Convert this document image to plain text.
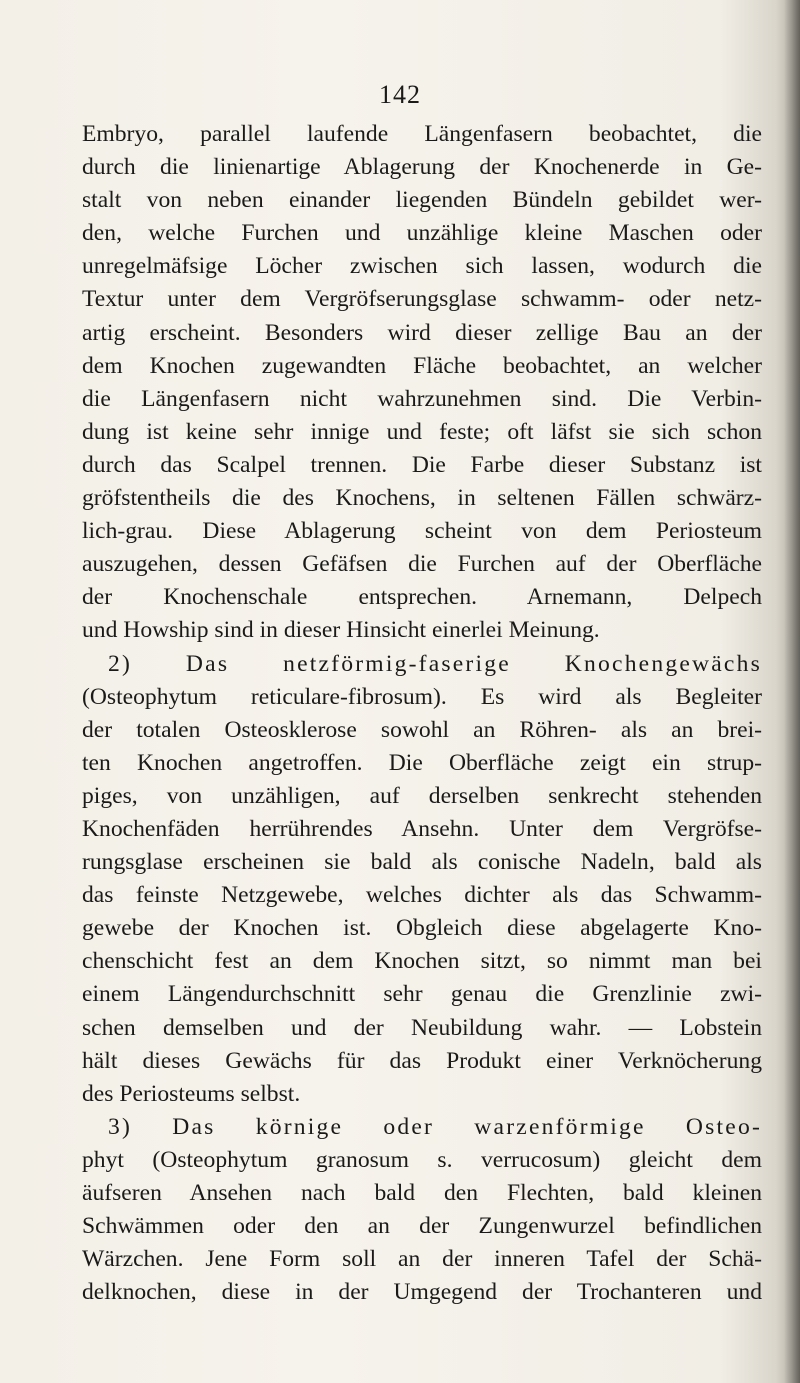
142
Embryo, parallel laufende Längenfasern beobachtet, die
durch die linienartige Ablagerung der Knochenerde in Ge-
stalt von neben einander liegenden Bündeln gebildet wer-
den, welche Furchen und unzählige kleine Maschen oder
unregelmäfsige Löcher zwischen sich lassen, wodurch die
Textur unter dem Vergröfserungsglase schwamm- oder netz-
artig erscheint. Besonders wird dieser zellige Bau an der
dem Knochen zugewandten Fläche beobachtet, an welcher
die Längenfasern nicht wahrzunehmen sind. Die Verbin-
dung ist keine sehr innige und feste; oft läfst sie sich schon
durch das Scalpel trennen. Die Farbe dieser Substanz ist
gröfstentheils die des Knochens, in seltenen Fällen schwärz-
lich-grau. Diese Ablagerung scheint von dem Periosteum
auszugehen, dessen Gefäfsen die Furchen auf der Oberfläche
der Knochenschale entsprechen. Arnemann, Delpech
und Howship sind in dieser Hinsicht einerlei Meinung.
2) Das netzförmig-faserige Knochengewächs
(Osteophytum reticulare-fibrosum). Es wird als Begleiter
der totalen Osteosklerose sowohl an Röhren- als an brei-
ten Knochen angetroffen. Die Oberfläche zeigt ein strup-
piges, von unzähligen, auf derselben senkrecht stehenden
Knochenfäden herrührendes Ansehn. Unter dem Vergröfse-
rungsglase erscheinen sie bald als conische Nadeln, bald als
das feinste Netzgewebe, welches dichter als das Schwamm-
gewebe der Knochen ist. Obgleich diese abgelagerte Kno-
chenschicht fest an dem Knochen sitzt, so nimmt man bei
einem Längendurchschnitt sehr genau die Grenzlinie zwi-
schen demselben und der Neubildung wahr. — Lobstein
hält dieses Gewächs für das Produkt einer Verknöcherung
des Periosteums selbst.
3) Das körnige oder warzenförmige Osteo-
phyt (Osteophytum granosum s. verrucosum) gleicht dem
äufseren Ansehen nach bald den Flechten, bald kleinen
Schwämmen oder den an der Zungenwurzel befindlichen
Wärzchen. Jene Form soll an der inneren Tafel der Schä-
delknochen, diese in der Umgegend der Trochanteren und
